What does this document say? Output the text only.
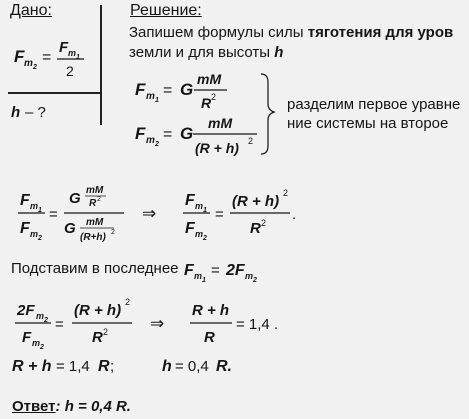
Дано:	Решение:
Запишем формулы силы тяготения для уров
земли и для высоты h
разделим первое уравне
ние системы на второе
Подставим в последнее
Ответ: h = 0,4 R.
F m 2
=
F m 1
2
h – ?
F m 1
= G
mM
R 2
F m 2
= G
mM
(R + h) 2
F m 1
F m 2
=
G mM
R 2
G mM
(R+h) 2
⇒
F m 1
F m 2
=
(R + h) 2
R 2 .
F m 1
= 2F m 2
2F m 2
F m 2
=
(R + h) 2
R 2 ⇒
R + h
R
= 1,4 .
R + h = 1,4 R ;	h = 0,4 R.
